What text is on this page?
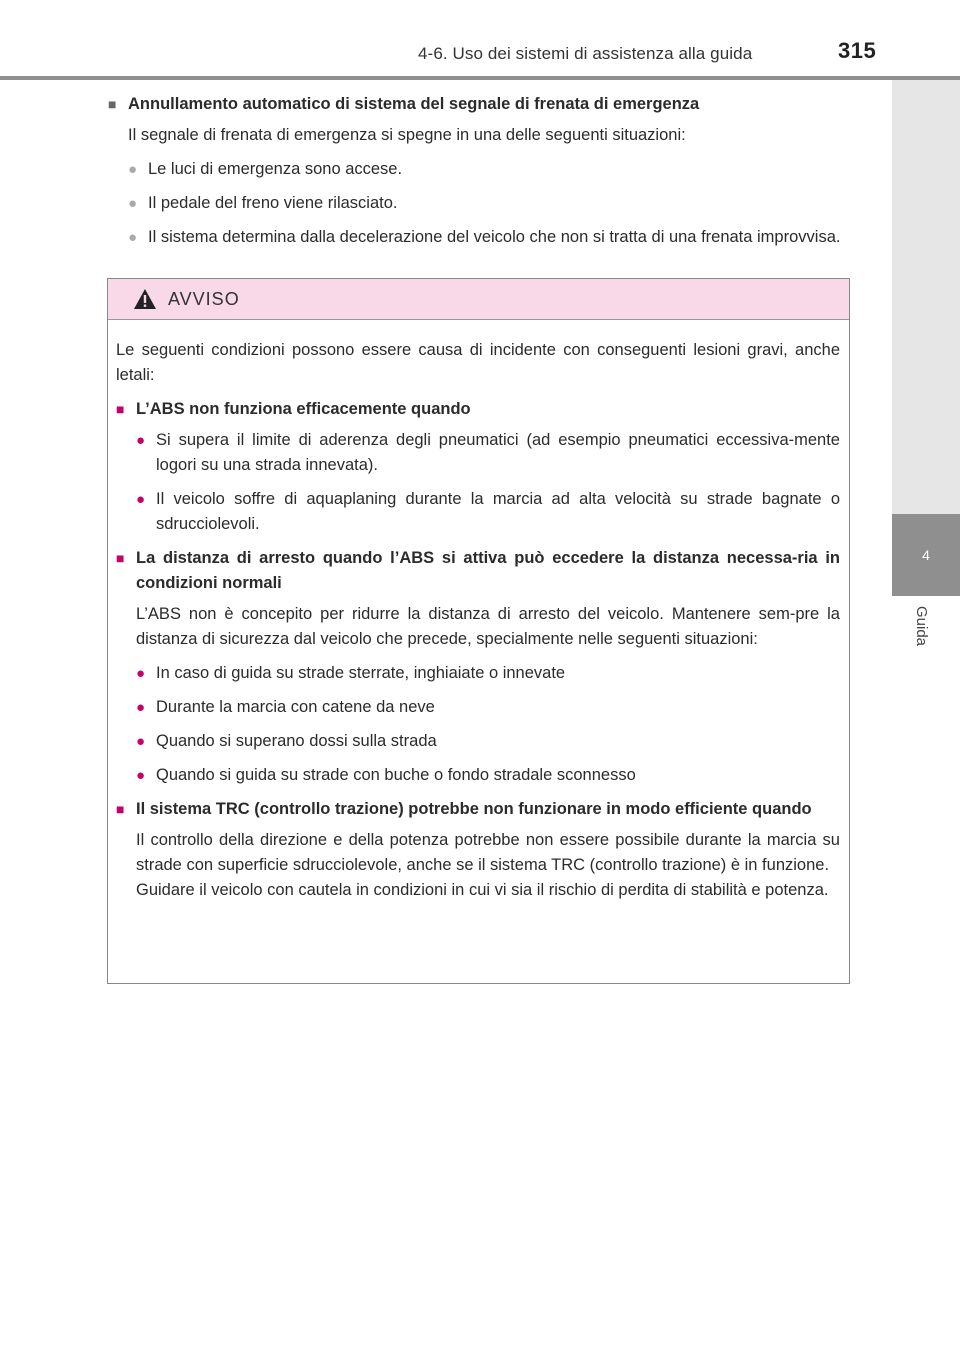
4-6. Uso dei sistemi di assistenza alla guida	315
4
Guida
■ Annullamento automatico di sistema del segnale di frenata di emergenza
Il segnale di frenata di emergenza si spegne in una delle seguenti situazioni:
● Le luci di emergenza sono accese.
● Il pedale del freno viene rilasciato.
● Il sistema determina dalla decelerazione del veicolo che non si tratta di una frenata improvvisa.
AVVISO
Le seguenti condizioni possono essere causa di incidente con conseguenti lesioni gravi, anche letali:
■ L’ABS non funziona efficacemente quando
● Si supera il limite di aderenza degli pneumatici (ad esempio pneumatici eccessiva-mente logori su una strada innevata).
● Il veicolo soffre di aquaplaning durante la marcia ad alta velocità su strade bagnate o sdrucciolevoli.
■ La distanza di arresto quando l’ABS si attiva può eccedere la distanza necessa-ria in condizioni normali
L’ABS non è concepito per ridurre la distanza di arresto del veicolo. Mantenere sem-pre la distanza di sicurezza dal veicolo che precede, specialmente nelle seguenti situazioni:
● In caso di guida su strade sterrate, inghiaiate o innevate
● Durante la marcia con catene da neve
● Quando si superano dossi sulla strada
● Quando si guida su strade con buche o fondo stradale sconnesso
■ Il sistema TRC (controllo trazione) potrebbe non funzionare in modo efficiente quando
Il controllo della direzione e della potenza potrebbe non essere possibile durante la marcia su strade con superficie sdrucciolevole, anche se il sistema TRC (controllo trazione) è in funzione.
Guidare il veicolo con cautela in condizioni in cui vi sia il rischio di perdita di stabilità e potenza.
